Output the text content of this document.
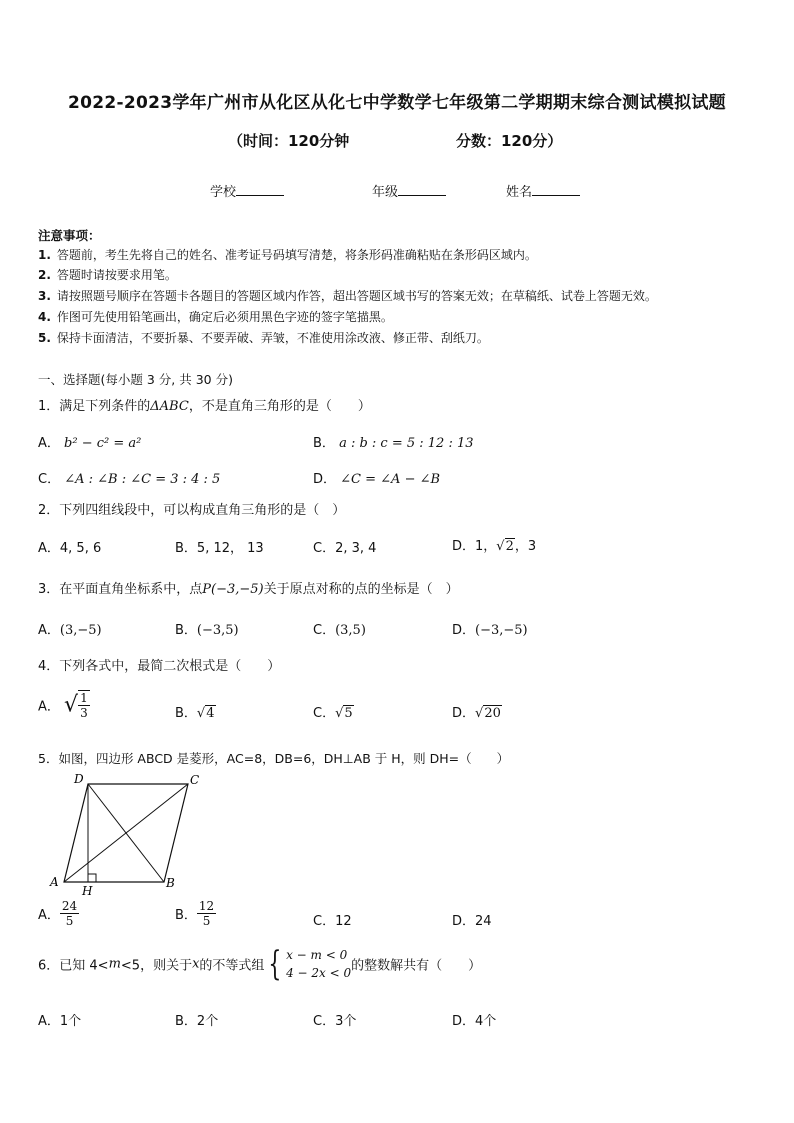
2022-2023学年广州市从化区从化七中学数学七年级第二学期期末综合测试模拟试题
（时间：120分钟	分数：120分）
学校	年级	姓名
注意事项：
1. 答题前，考生先将自己的姓名、准考证号码填写清楚，将条形码准确粘贴在条形码区域内。
2. 答题时请按要求用笔。
3. 请按照题号顺序在答题卡各题目的答题区域内作答，超出答题区域书写的答案无效；在草稿纸、试卷上答题无效。
4. 作图可先使用铅笔画出，确定后必须用黑色字迹的签字笔描黑。
5. 保持卡面清洁，不要折暴、不要弄破、弄皱，不准使用涂改液、修正带、刮纸刀。
一、选择题(每小题 3 分, 共 30 分)
1．满足下列条件的ΔABC，不是直角三角形的是（　　）
A． b² − c² = a²	B． a : b : c = 5 : 12 : 13
C． ∠A : ∠B : ∠C = 3 : 4 : 5	D． ∠C = ∠A − ∠B
2．下列四组线段中，可以构成直角三角形的是（　）
A．4, 5, 6	B．5, 12， 13	C．2, 3, 4	D．1，√2，3
3．在平面直角坐标系中，点P(−3,−5)关于原点对称的点的坐标是（　）
A．(3,−5)	B．(−3,5)	C．(3,5)	D．(−3,−5)
4．下列各式中，最简二次根式是（　　）
A． √ $\frac{1}{3}$	B．√4	C．√5	D．√20
5．如图，四边形 ABCD 是菱形，AC=8，DB=6，DH⊥AB 于 H，则 DH=（　　）
A	B
C
D
H
A． $\frac{24}{5}$	B． $\frac{12}{5}$	C．12	D．24
6．已知 4<m<5，则关于x的不等式组 { x − m < 0
4 − 2x < 0 的整数解共有（　　）
A．1个	B．2个	C．3个	D．4个
